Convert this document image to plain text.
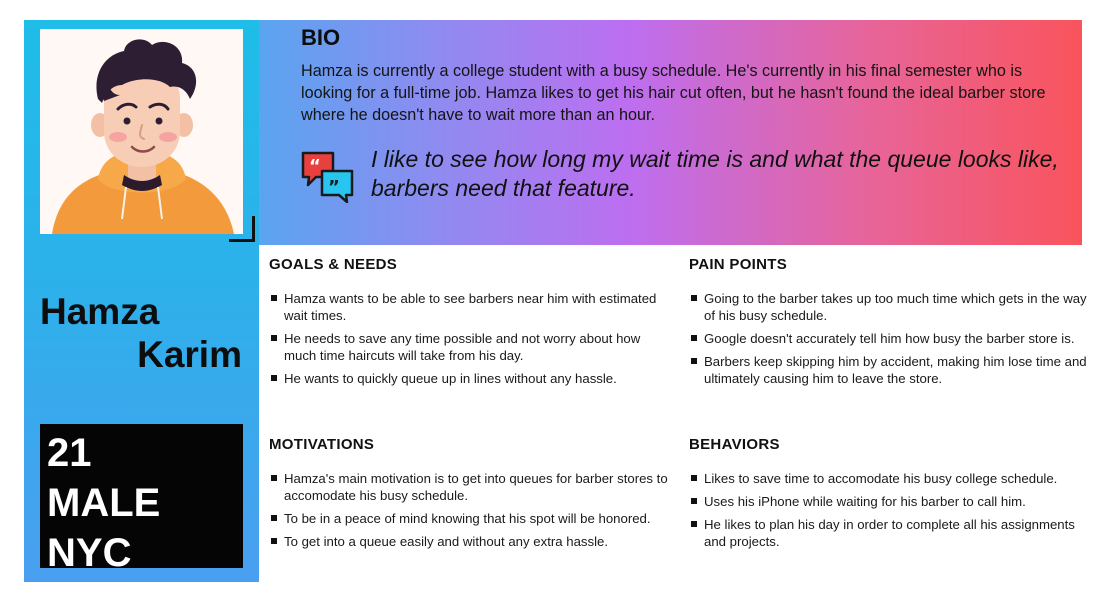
Hamza
Karim
21
MALE
NYC
BIO
Hamza is currently a college student with a busy schedule. He's currently in his final semester who is looking for a full-time job. Hamza likes to get his hair cut often, but he hasn't found the ideal barber store where he doesn't have to wait more than an hour.
“
”
I like to see how long my wait time is and what the queue looks like, barbers need that feature.
GOALS & NEEDS
Hamza wants to be able to see barbers near him with estimated wait times.
He needs to save any time possible and not worry about how much time haircuts will take from his day.
He wants to quickly queue up in lines without any hassle.
PAIN POINTS
Going to the barber takes up too much time which gets in the way of his busy schedule.
Google doesn't accurately tell him how busy the barber store is.
Barbers keep skipping him by accident, making him lose time and ultimately causing him to leave the store.
MOTIVATIONS
Hamza's main motivation is to get into queues for barber stores to accomodate his busy schedule.
To be in a peace of mind knowing that his spot will be honored.
To get into a queue easily and without any extra hassle.
BEHAVIORS
Likes to save time to accomodate his busy college schedule.
Uses his iPhone while waiting for his barber to call him.
He likes to plan his day in order to complete all his assignments and projects.
